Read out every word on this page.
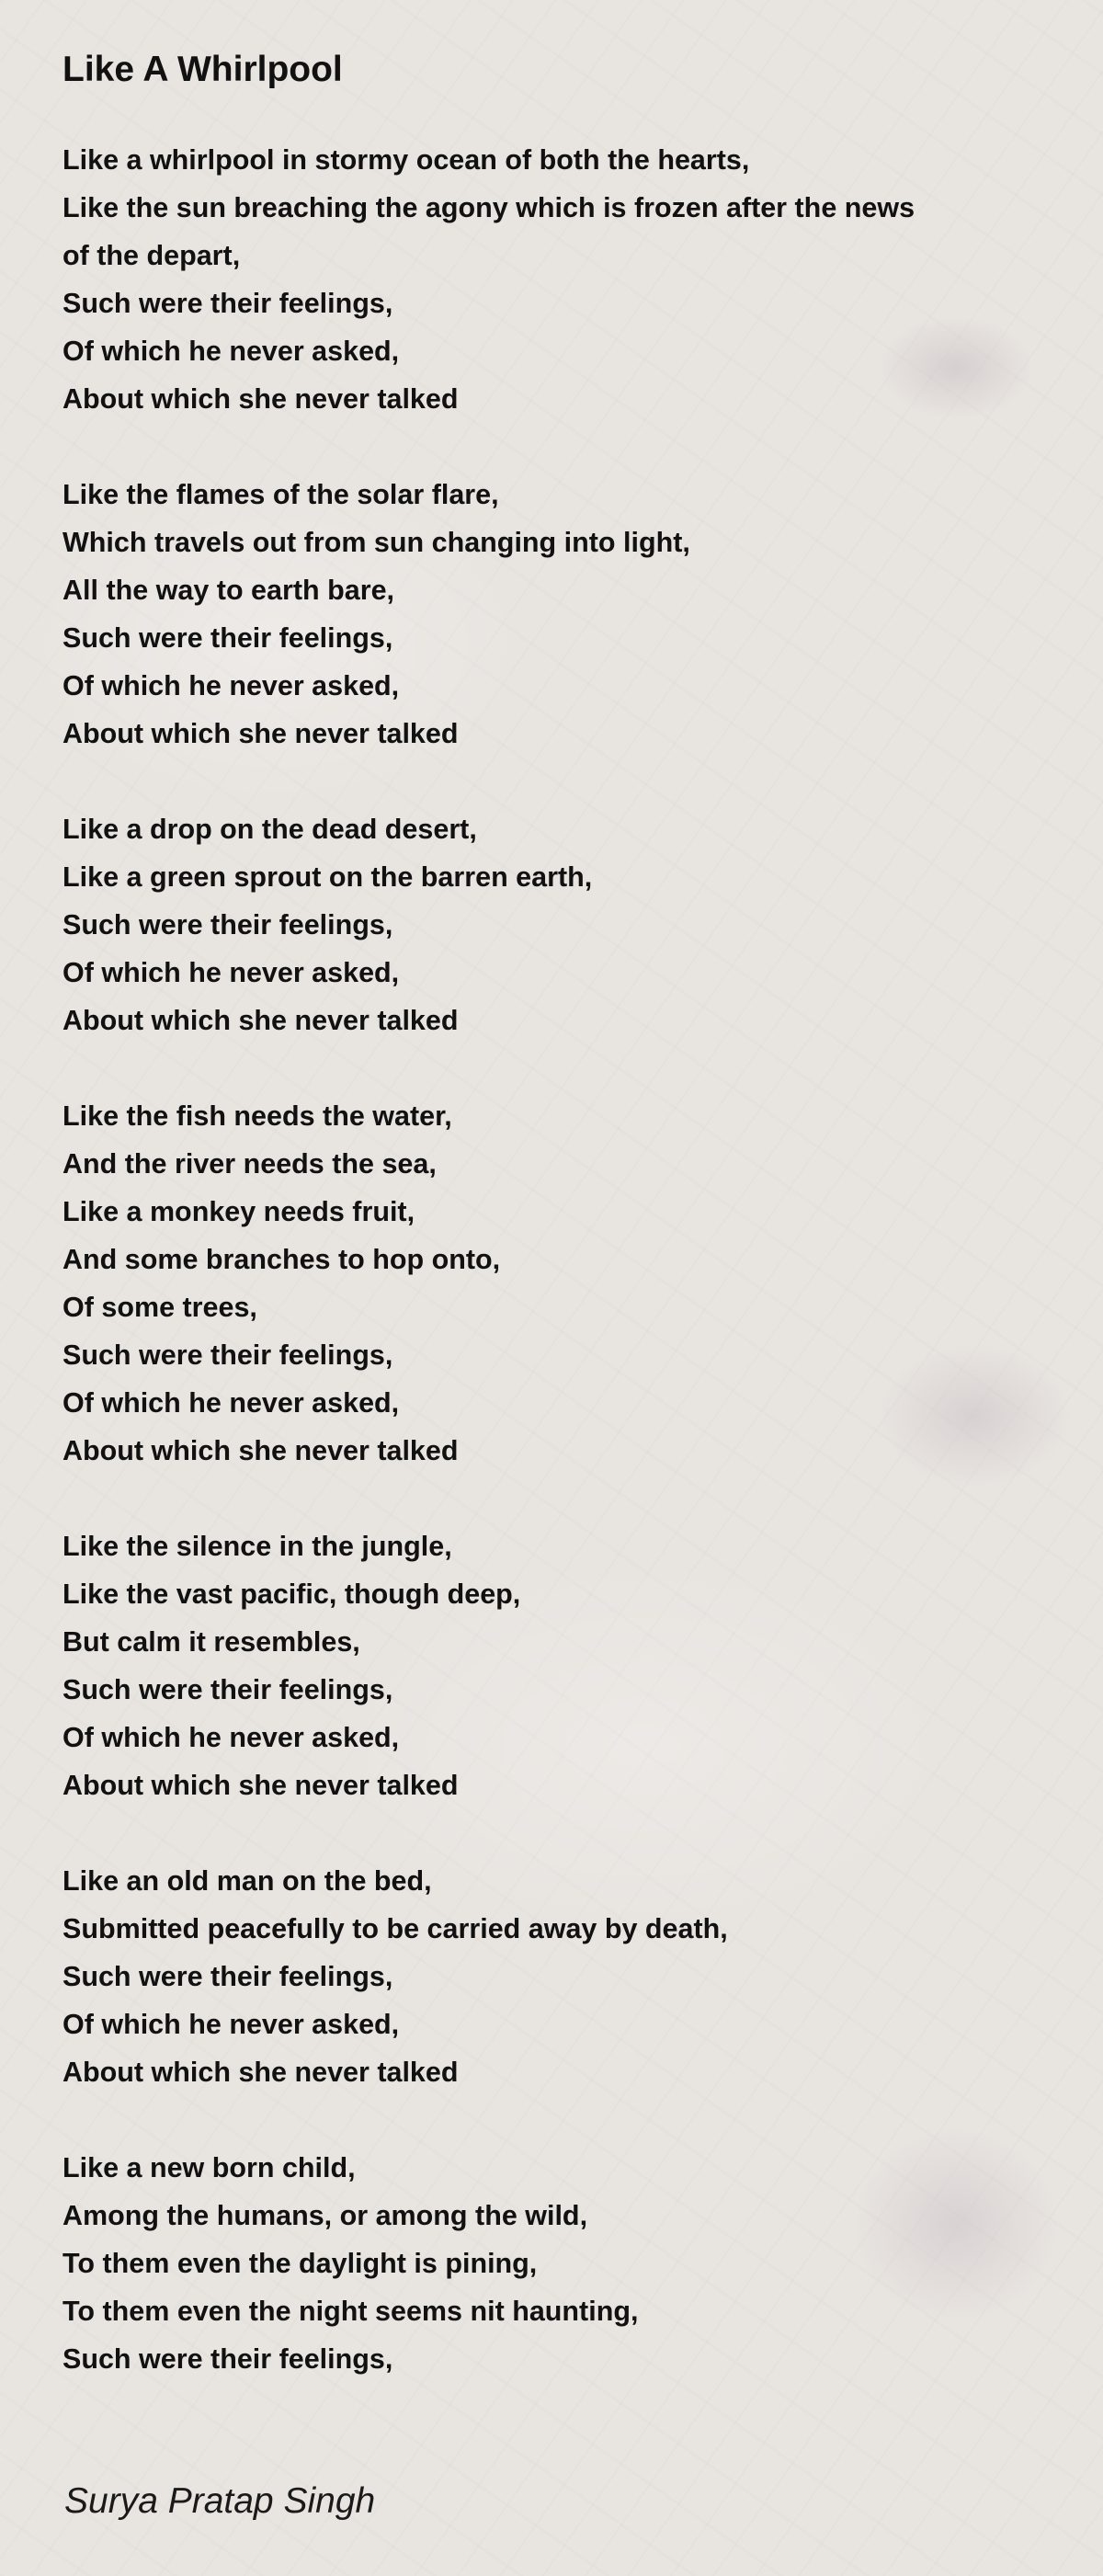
Like A Whirlpool
Like a whirlpool in stormy ocean of both the hearts,
Like the sun breaching the agony which is frozen after the news
of the depart,
Such were their feelings,
Of which he never asked,
About which she never talked
Like the flames of the solar flare,
Which travels out from sun changing into light,
All the way to earth bare,
Such were their feelings,
Of which he never asked,
About which she never talked
Like a drop on the dead desert,
Like a green sprout on the barren earth,
Such were their feelings,
Of which he never asked,
About which she never talked
Like the fish needs the water,
And the river needs the sea,
Like a monkey needs fruit,
And some branches to hop onto,
Of some trees,
Such were their feelings,
Of which he never asked,
About which she never talked
Like the silence in the jungle,
Like the vast pacific, though deep,
But calm it resembles,
Such were their feelings,
Of which he never asked,
About which she never talked
Like an old man on the bed,
Submitted peacefully to be carried away by death,
Such were their feelings,
Of which he never asked,
About which she never talked
Like a new born child,
Among the humans, or among the wild,
To them even the daylight is pining,
To them even the night seems nit haunting,
Such were their feelings,

Surya Pratap Singh
